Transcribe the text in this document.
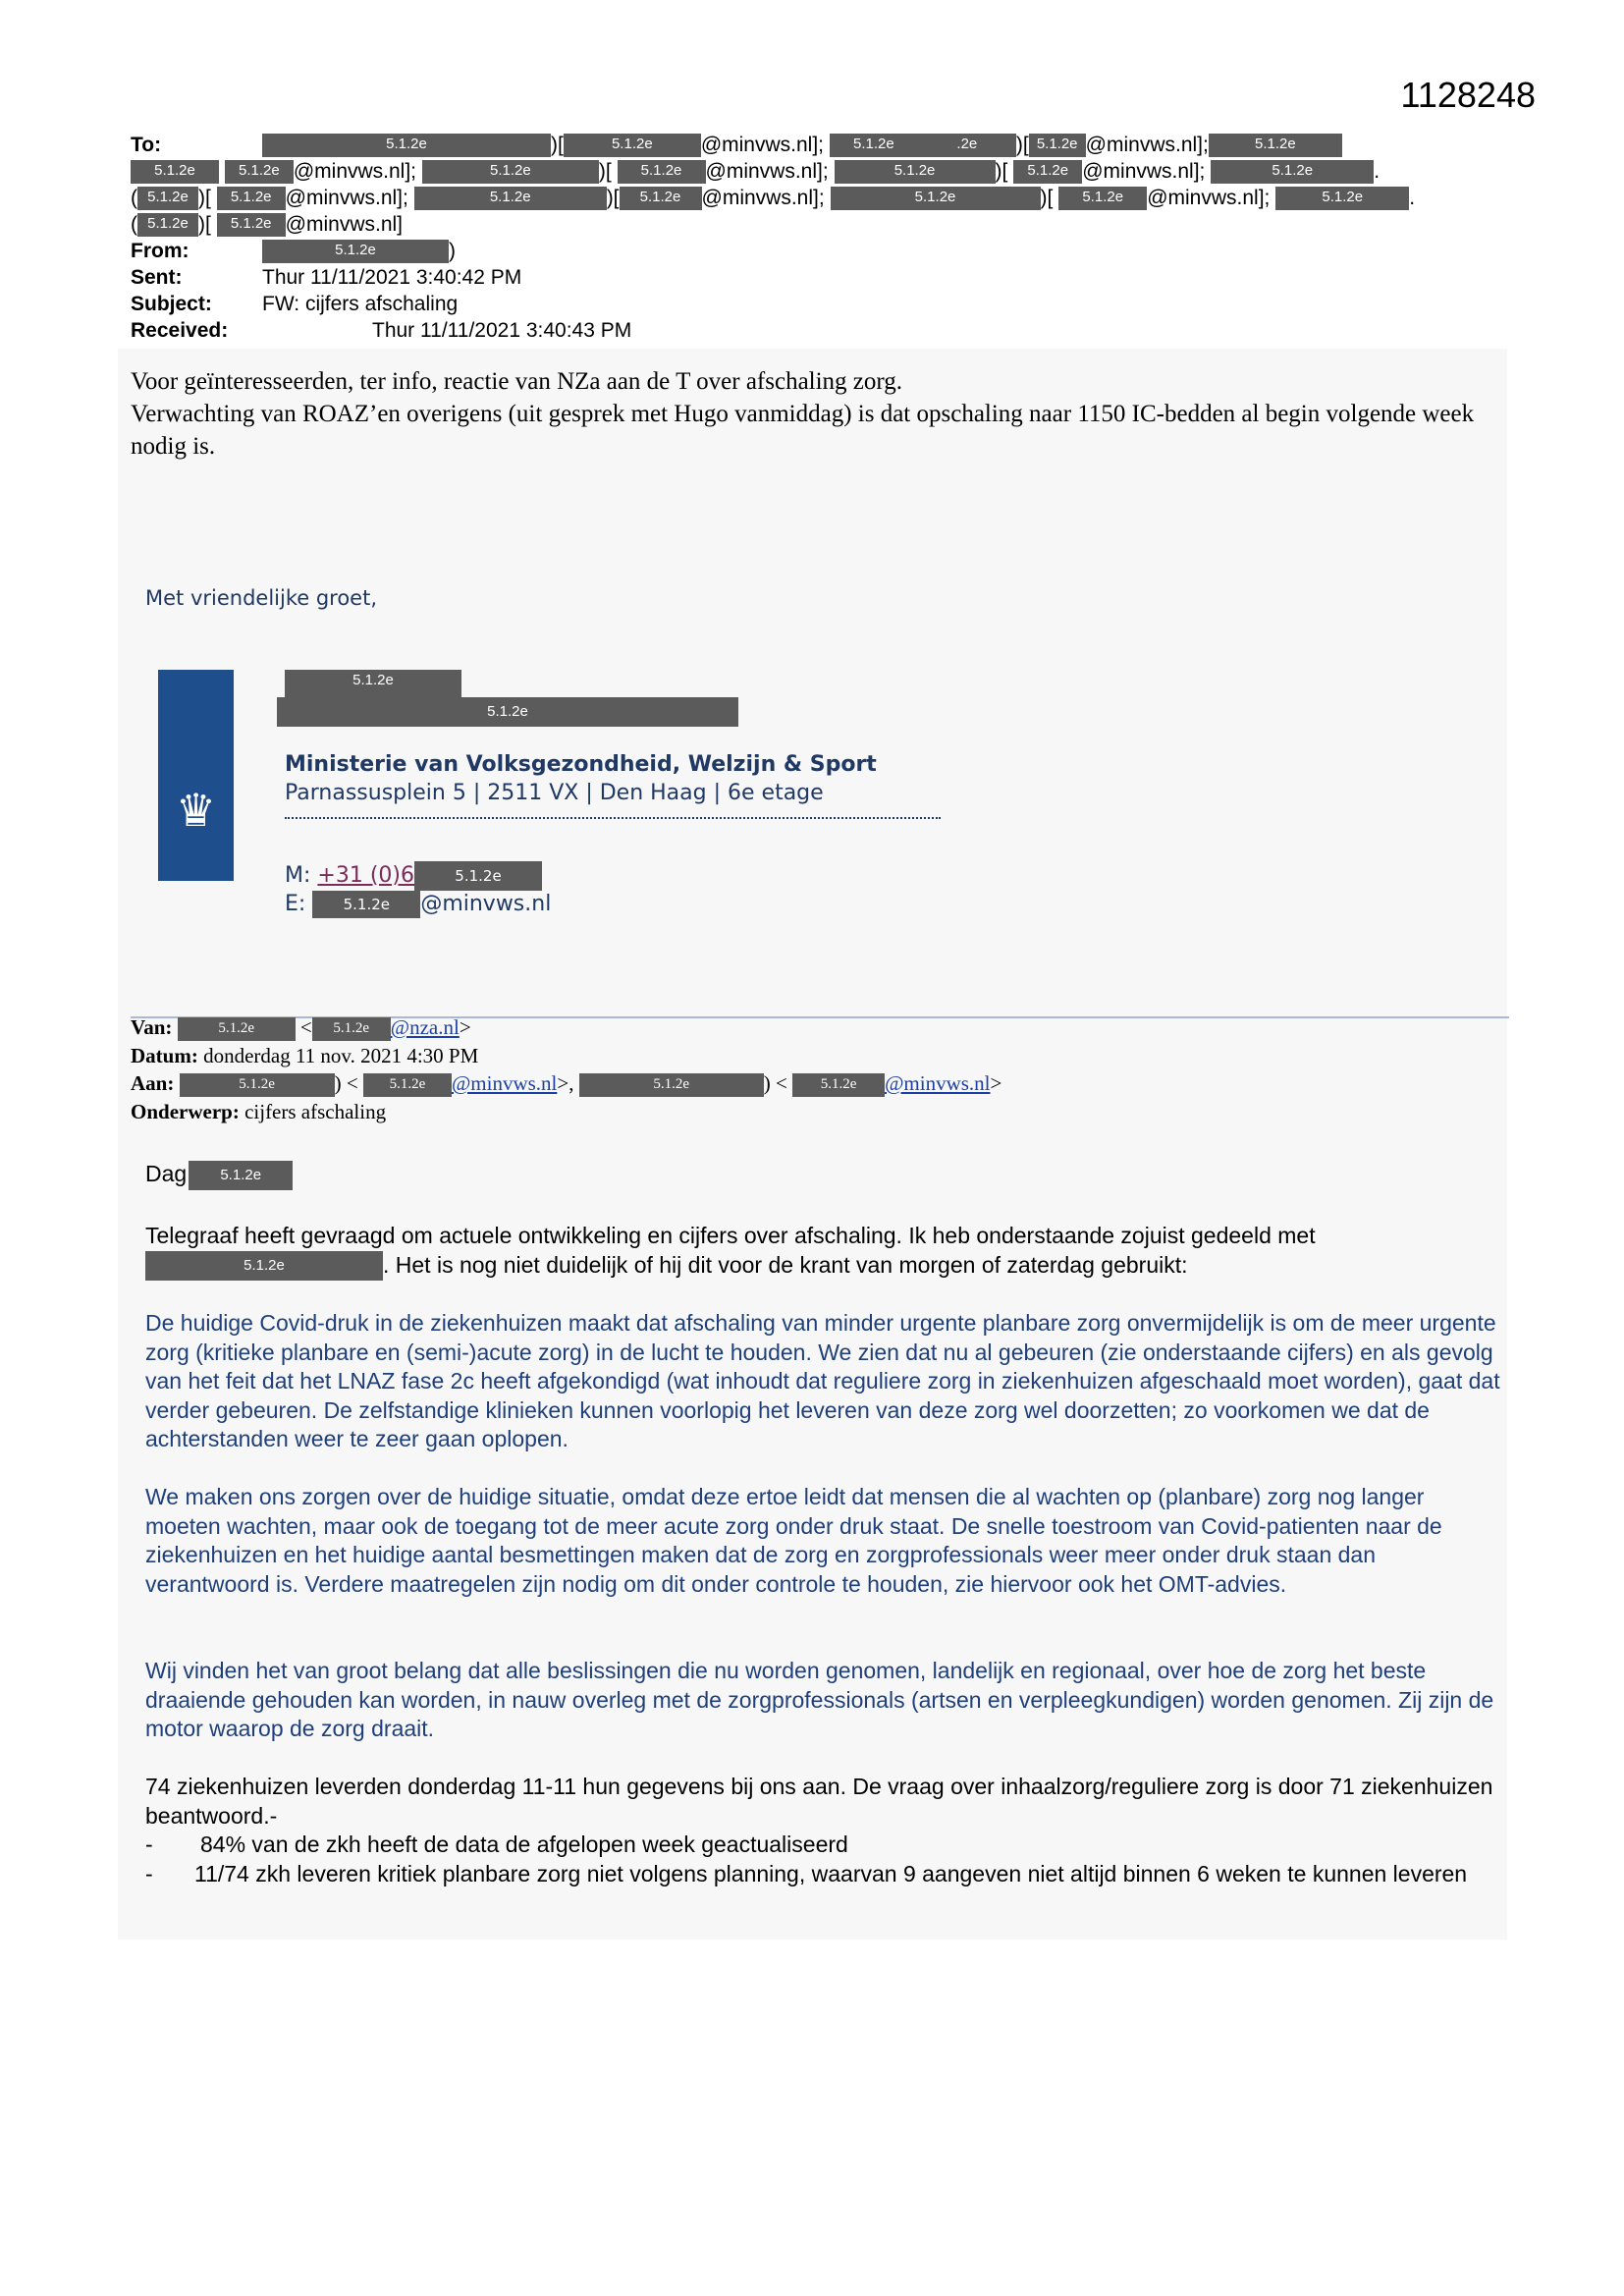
1128248
To:	5.1.2e	)[	5.1.2e @minvws.nl]; 5.1.2e	.2e )[ 5.1.2e @minvws.nl];	5.1.2e
5.1.2e	5.1.2e @minvws.nl];	5.1.2e	)[ 5.1.2e @minvws.nl];	5.1.2e	)[ 5.1.2e @minvws.nl];	5.1.2e	.
( 5.1.2e )[ 5.1.2e @minvws.nl];	5.1.2e	)[ 5.1.2e @minvws.nl];	5.1.2e	)[ 5.1.2e @minvws.nl];	5.1.2e .
( 5.1.2e )[ 5.1.2e @minvws.nl]
From:	5.1.2e	)
Sent:	Thur 11/11/2021 3:40:42 PM
Subject: FW: cijfers afschaling
Received:	Thur 11/11/2021 3:40:43 PM
Voor geïnteresseerden, ter info, reactie van NZa aan de T over afschaling zorg.
Verwachting van ROAZ’en overigens (uit gesprek met Hugo vanmiddag) is dat opschaling naar 1150 IC-bedden al begin volgende week nodig is.
Met vriendelijke groet,
♛
5.1.2e
5.1.2e
Ministerie van Volksgezondheid, Welzijn & Sport
Parnassusplein 5 | 2511 VX | Den Haag | 6e etage
M: +31 (0)6	5.1.2e
E:	5.1.2e @minvws.nl
Van:	5.1.2e < 5.1.2e @nza.nl>
Datum: donderdag 11 nov. 2021 4:30 PM
Aan:	5.1.2e	) < 5.1.2e @minvws.nl>,	5.1.2e	) < 5.1.2e @minvws.nl>
Onderwerp: cijfers afschaling
Dag 5.1.2e
Telegraaf heeft gevraagd om actuele ontwikkeling en cijfers over afschaling. Ik heb onderstaande zojuist gedeeld met
5.1.2e	. Het is nog niet duidelijk of hij dit voor de krant van morgen of zaterdag gebruikt:
De huidige Covid-druk in de ziekenhuizen maakt dat afschaling van minder urgente planbare zorg onvermijdelijk is om de meer urgente zorg (kritieke planbare en (semi-)acute zorg) in de lucht te houden. We zien dat nu al gebeuren (zie onderstaande cijfers) en als gevolg van het feit dat het LNAZ fase 2c heeft afgekondigd (wat inhoudt dat reguliere zorg in ziekenhuizen afgeschaald moet worden), gaat dat verder gebeuren. De zelfstandige klinieken kunnen voorlopig het leveren van deze zorg wel doorzetten; zo voorkomen we dat de achterstanden weer te zeer gaan oplopen.
We maken ons zorgen over de huidige situatie, omdat deze ertoe leidt dat mensen die al wachten op (planbare) zorg nog langer moeten wachten, maar ook de toegang tot de meer acute zorg onder druk staat. De snelle toestroom van Covid-patienten naar de ziekenhuizen en het huidige aantal besmettingen maken dat de zorg en zorgprofessionals weer meer onder druk staan dan verantwoord is. Verdere maatregelen zijn nodig om dit onder controle te houden, zie hiervoor ook het OMT-advies.
Wij vinden het van groot belang dat alle beslissingen die nu worden genomen, landelijk en regionaal, over hoe de zorg het beste draaiende gehouden kan worden, in nauw overleg met de zorgprofessionals (artsen en verpleegkundigen) worden genomen. Zij zijn de motor waarop de zorg draait.
74 ziekenhuizen leverden donderdag 11-11 hun gegevens bij ons aan. De vraag over inhaalzorg/reguliere zorg is door 71 ziekenhuizen beantwoord.-
- 84% van de zkh heeft de data de afgelopen week geactualiseerd
- 11/74 zkh leveren kritiek planbare zorg niet volgens planning, waarvan 9 aangeven niet altijd binnen 6 weken te kunnen leveren
